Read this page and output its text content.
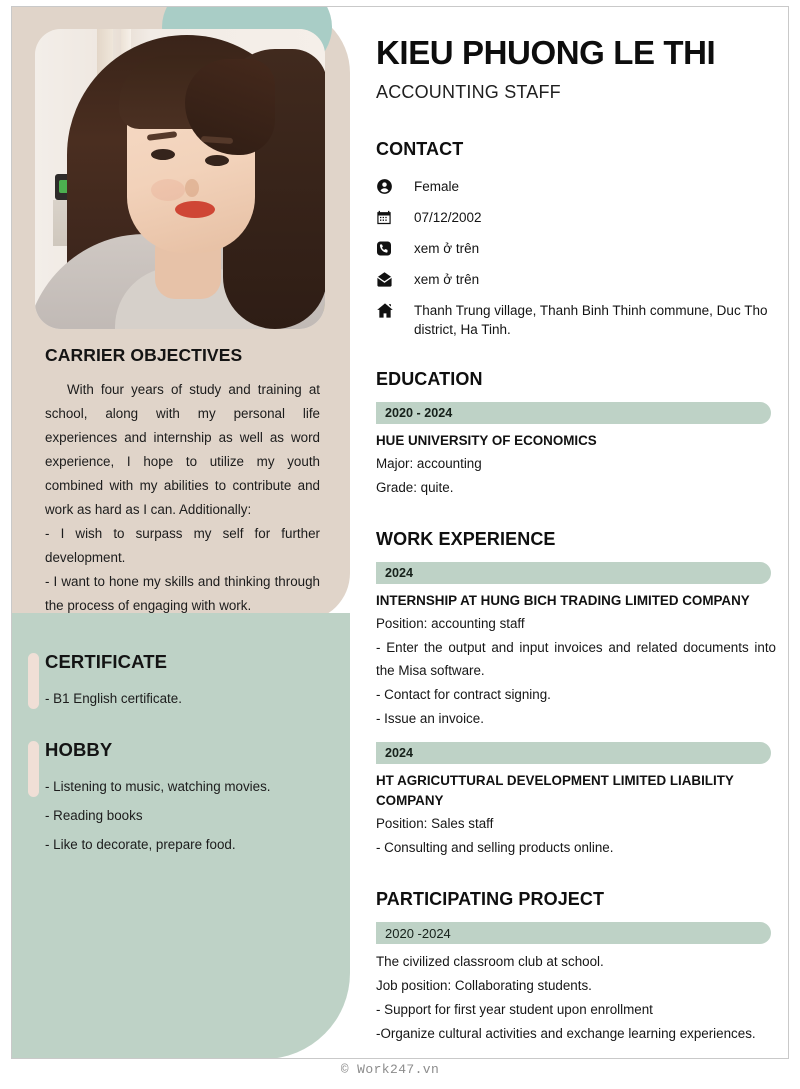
CARRIER OBJECTIVES
With four years of study and training at school, along with my personal life experiences and internship as well as word experience, I hope to utilize my youth combined with my abilities to contribute and work as hard as I can. Additionally:
- I wish to surpass my self for further development.
- I want to hone my skills and thinking through the process of engaging with work.
CERTIFICATE
- B1 English certificate.
HOBBY
- Listening to music, watching movies.
- Reading books
- Like to decorate, prepare food.
KIEU PHUONG LE THI
ACCOUNTING STAFF
CONTACT
Female
07/12/2002
xem ở trên
xem ở trên
Thanh Trung village, Thanh Binh Thinh commune, Duc Tho district, Ha Tinh.
EDUCATION
2020 - 2024
HUE UNIVERSITY OF ECONOMICS
Major: accounting
Grade: quite.
WORK EXPERIENCE
2024
INTERNSHIP AT HUNG BICH TRADING LIMITED COMPANY
Position: accounting staff
- Enter the output and input invoices and related documents into the Misa software.
- Contact for contract signing.
- Issue an invoice.
2024
HT AGRICUTTURAL DEVELOPMENT LIMITED LIABILITY COMPANY
Position: Sales staff
- Consulting and selling products online.
PARTICIPATING PROJECT
2020 -2024
The civilized classroom club at school.
Job position: Collaborating students.
- Support for first year student upon enrollment
-Organize cultural activities and exchange learning experiences.
© Work247.vn
